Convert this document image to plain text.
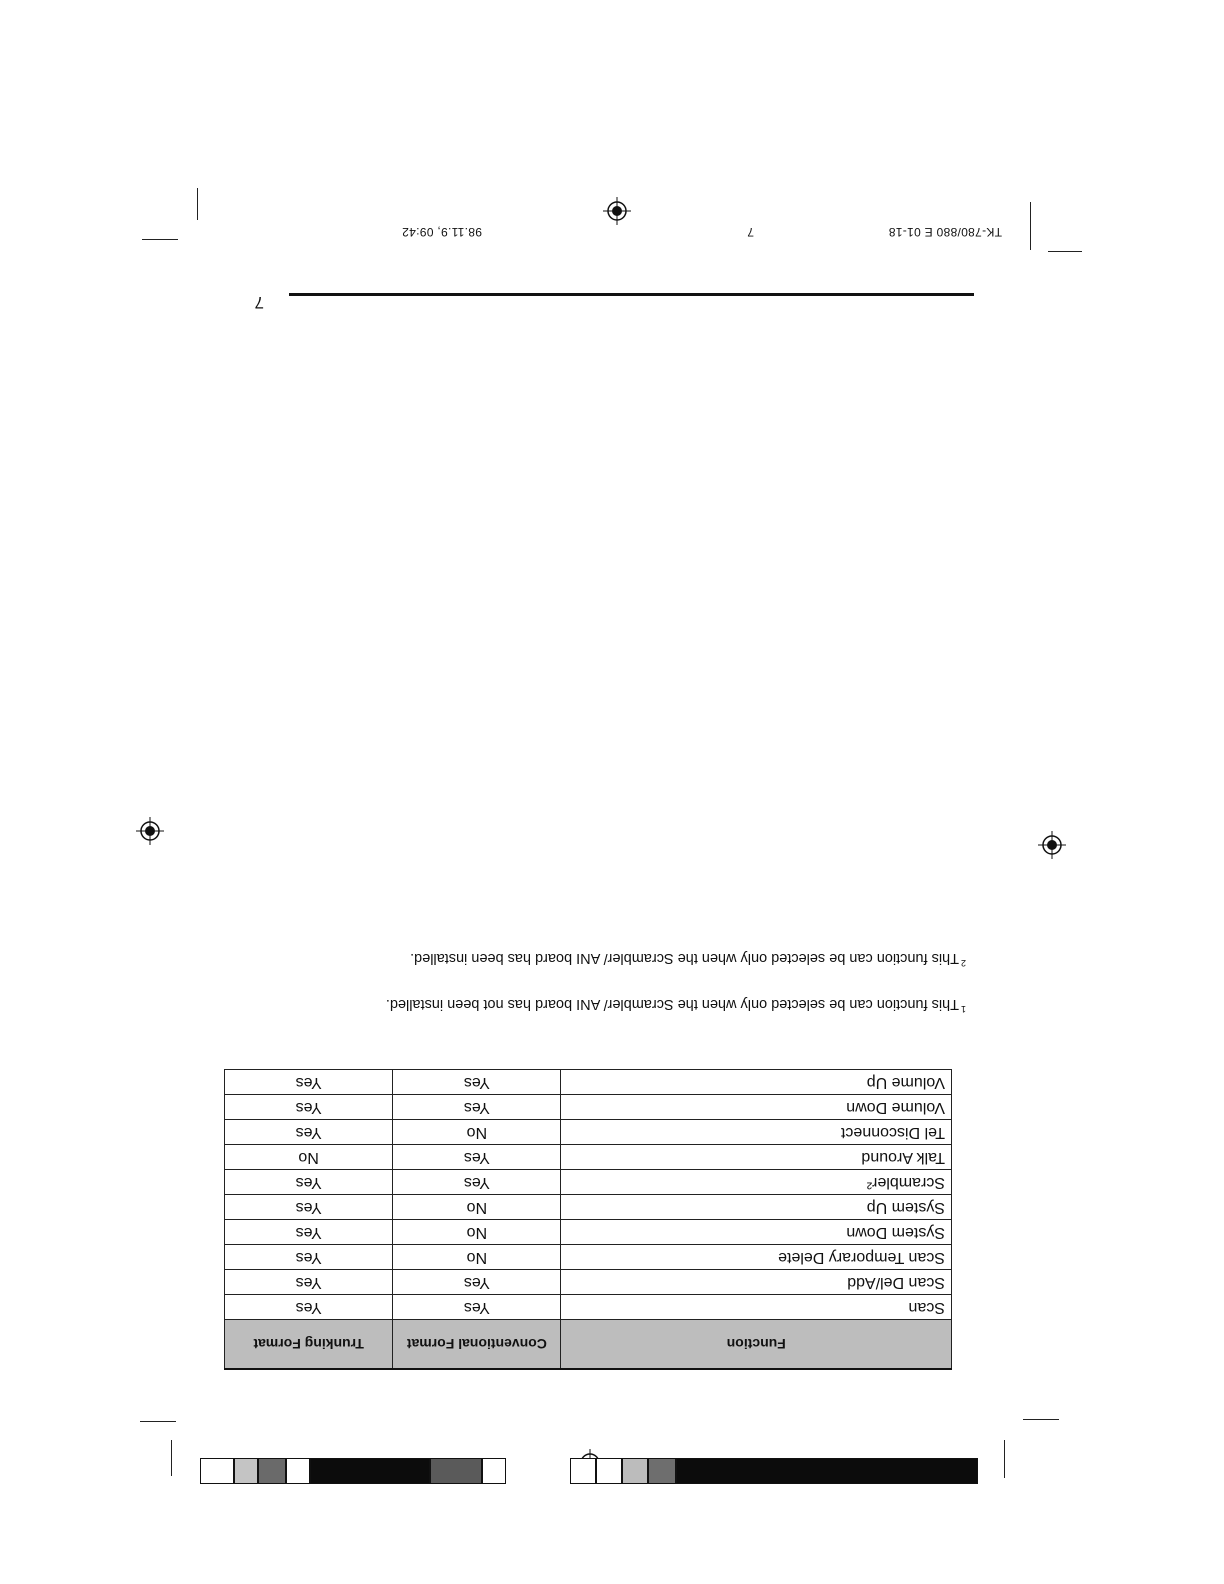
TK-780/880 E 01-18
7
98.11.9, 09:42
7
$^1$This function can be selected only when the Scrambler/ ANI board has not been installed.
$^2$This function can be selected only when the Scrambler/ ANI board has been installed.
Function	Conventional Format	Trunking Format
Scan	Yes	Yes
Scan Del/Add	Yes	Yes
Scan Temporary Delete	No	Yes
System Down	No	Yes
System Up	No	Yes
Scrambler²	Yes	Yes
Talk Around	Yes	No
Tel Disconnect	No	Yes
Volume Down	Yes	Yes
Volume Up	Yes	Yes
